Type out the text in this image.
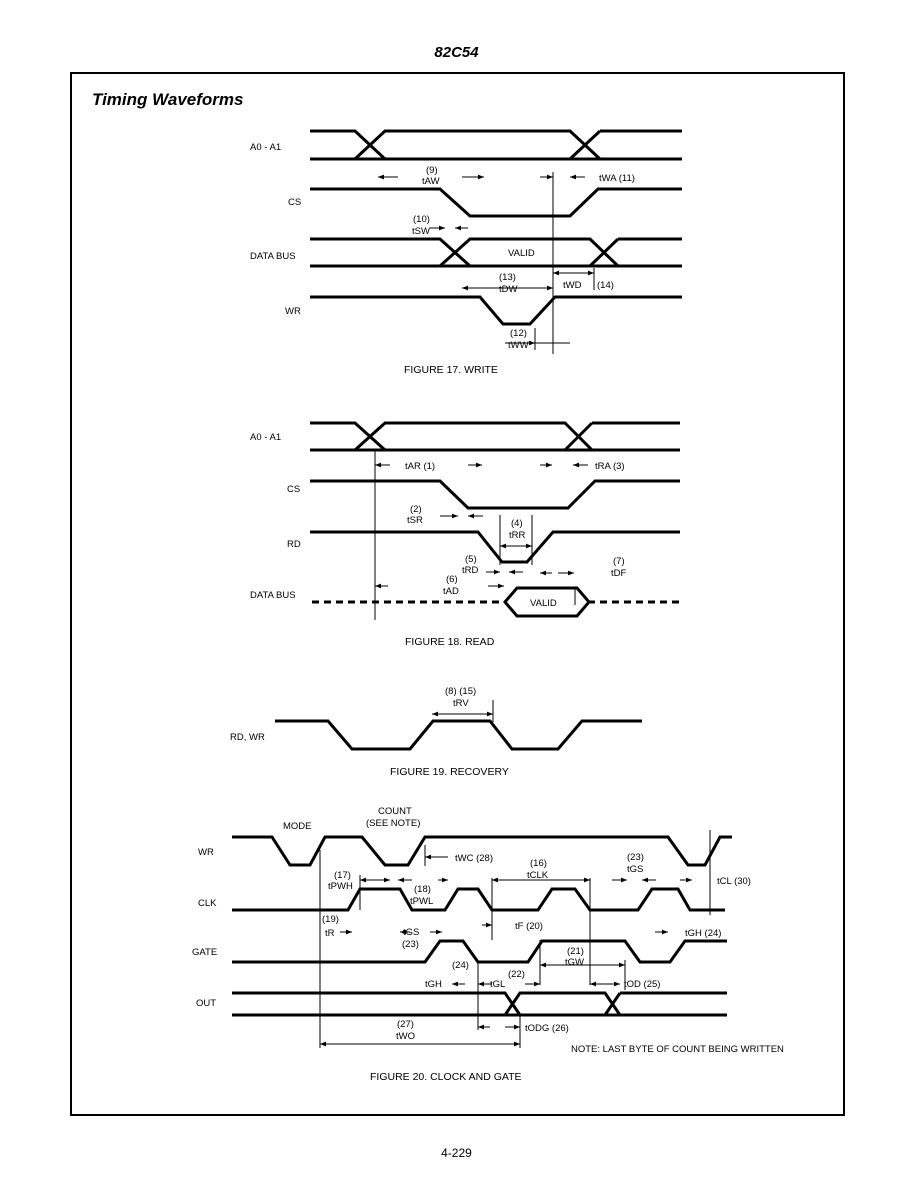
82C54
Timing Waveforms
A0 - A1
CS
DATA BUS	VALID
WR
(9)
tAW	tWA (11)
(10)
tSW
(13)
tDW	tWD (14)
(12)
tWW
FIGURE 17. WRITE
A0 - A1
CS
RD
DATA BUS
VALID
tAR (1)	tRA (3)
(2)
tSR	(4)
tRR
(5)
tRD
(7)
tDF
(6)
tAD
FIGURE 18. READ
RD, WR
(8) (15)
tRV
FIGURE 19. RECOVERY
WR
CLK
GATE
OUT
MODE
COUNT
(SEE NOTE)
tWC (28)	(16)
tCLK
(23)
tGS
tCL (30)
(17)
tPWH	(18)
tPWL
(19)
tR	tGS
(23)
tF (20)
tGH (24)
(24)
(21)
tGW
tGH	tGL
(22)
tOD (25)
(27)
tWO
tODG (26)
NOTE: LAST BYTE OF COUNT BEING WRITTEN
FIGURE 20. CLOCK AND GATE
4-229
